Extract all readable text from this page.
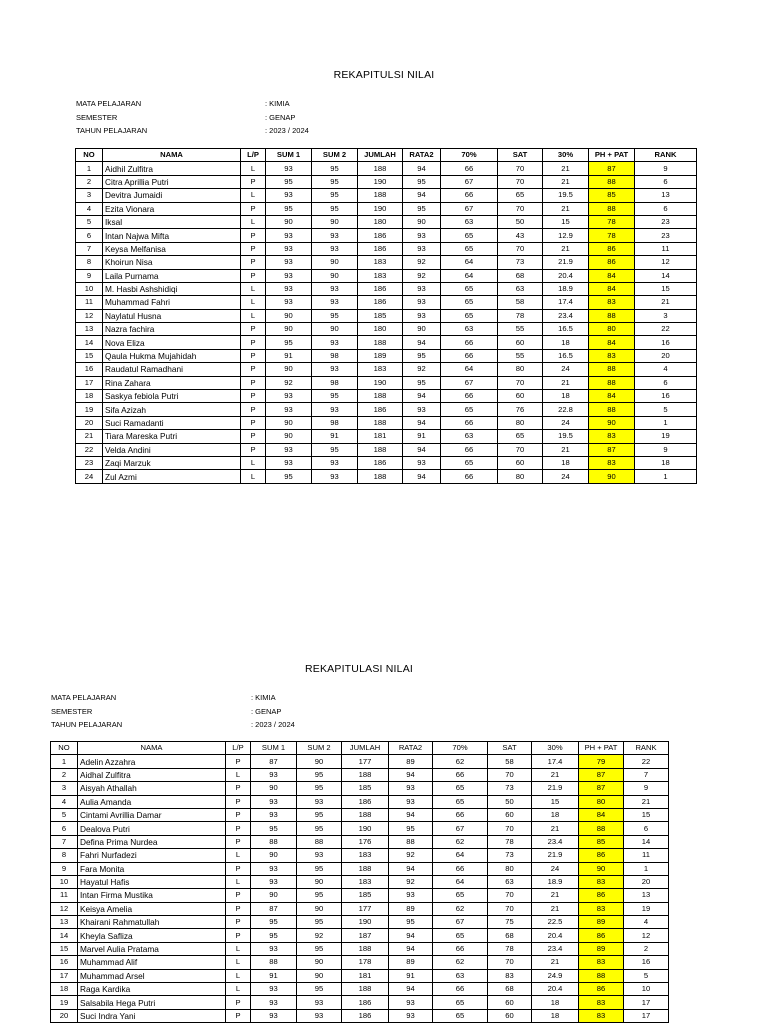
REKAPITULSI NILAI
MATA PELAJARAN	: KIMIA
SEMESTER	: GENAP
TAHUN PELAJARAN	: 2023 / 2024
NO	NAMA	L/P	SUM 1	SUM 2	JUMLAH	RATA2	70%	SAT	30%	PH + PAT	RANK
1	Aidhil Zulfitra	L	93	95	188	94	66	70	21	87	9
2	Citra Aprillia Putri	P	95	95	190	95	67	70	21	88	6
3	Devitra Jumaidi	L	93	95	188	94	66	65	19.5	85	13
4	Ezita Vionara	P	95	95	190	95	67	70	21	88	6
5	Iksal	L	90	90	180	90	63	50	15	78	23
6	Intan Najwa Mifta	P	93	93	186	93	65	43	12.9	78	23
7	Keysa Melfanisa	P	93	93	186	93	65	70	21	86	11
8	Khoirun Nisa	P	93	90	183	92	64	73	21.9	86	12
9	Laila Purnama	P	93	90	183	92	64	68	20.4	84	14
10	M. Hasbi Ashshidiqi	L	93	93	186	93	65	63	18.9	84	15
11	Muhammad Fahri	L	93	93	186	93	65	58	17.4	83	21
12	Naylatul Husna	L	90	95	185	93	65	78	23.4	88	3
13	Nazra fachira	P	90	90	180	90	63	55	16.5	80	22
14	Nova Eliza	P	95	93	188	94	66	60	18	84	16
15	Qaula Hukma Mujahidah	P	91	98	189	95	66	55	16.5	83	20
16	Raudatul Ramadhani	P	90	93	183	92	64	80	24	88	4
17	Rina Zahara	P	92	98	190	95	67	70	21	88	6
18	Saskya febiola Putri	P	93	95	188	94	66	60	18	84	16
19	Sifa Azizah	P	93	93	186	93	65	76	22.8	88	5
20	Suci Ramadanti	P	90	98	188	94	66	80	24	90	1
21	Tiara Mareska Putri	P	90	91	181	91	63	65	19.5	83	19
22	Velda Andini	P	93	95	188	94	66	70	21	87	9
23	Zaqi Marzuk	L	93	93	186	93	65	60	18	83	18
24	Zul Azmi	L	95	93	188	94	66	80	24	90	1
REKAPITULASI NILAI
MATA PELAJARAN	: KIMIA
SEMESTER	: GENAP
TAHUN PELAJARAN	: 2023 / 2024
NO	NAMA	L/P	SUM 1	SUM 2	JUMLAH	RATA2	70%	SAT	30%	PH + PAT	RANK
1	Adelin Azzahra	P	87	90	177	89	62	58	17.4	79	22
2	Aidhal Zulfitra	L	93	95	188	94	66	70	21	87	7
3	Aisyah Athallah	P	90	95	185	93	65	73	21.9	87	9
4	Aulia Amanda	P	93	93	186	93	65	50	15	80	21
5	Cintami Avrillia Damar	P	93	95	188	94	66	60	18	84	15
6	Dealova Putri	P	95	95	190	95	67	70	21	88	6
7	Defina Prima Nurdea	P	88	88	176	88	62	78	23.4	85	14
8	Fahri Nurfadezi	L	90	93	183	92	64	73	21.9	86	11
9	Fara Monita	P	93	95	188	94	66	80	24	90	1
10	Hayatul Hafis	L	93	90	183	92	64	63	18.9	83	20
11	Intan Firma Mustika	P	90	95	185	93	65	70	21	86	13
12	Keisya Amelia	P	87	90	177	89	62	70	21	83	19
13	Khairani Rahmatullah	P	95	95	190	95	67	75	22.5	89	4
14	Kheyla Safliza	P	95	92	187	94	65	68	20.4	86	12
15	Marvel Aulia Pratama	L	93	95	188	94	66	78	23.4	89	2
16	Muhammad Alif	L	88	90	178	89	62	70	21	83	16
17	Muhammad Arsel	L	91	90	181	91	63	83	24.9	88	5
18	Raga Kardika	L	93	95	188	94	66	68	20.4	86	10
19	Salsabila Hega Putri	P	93	93	186	93	65	60	18	83	17
20	Suci Indra Yani	P	93	93	186	93	65	60	18	83	17
